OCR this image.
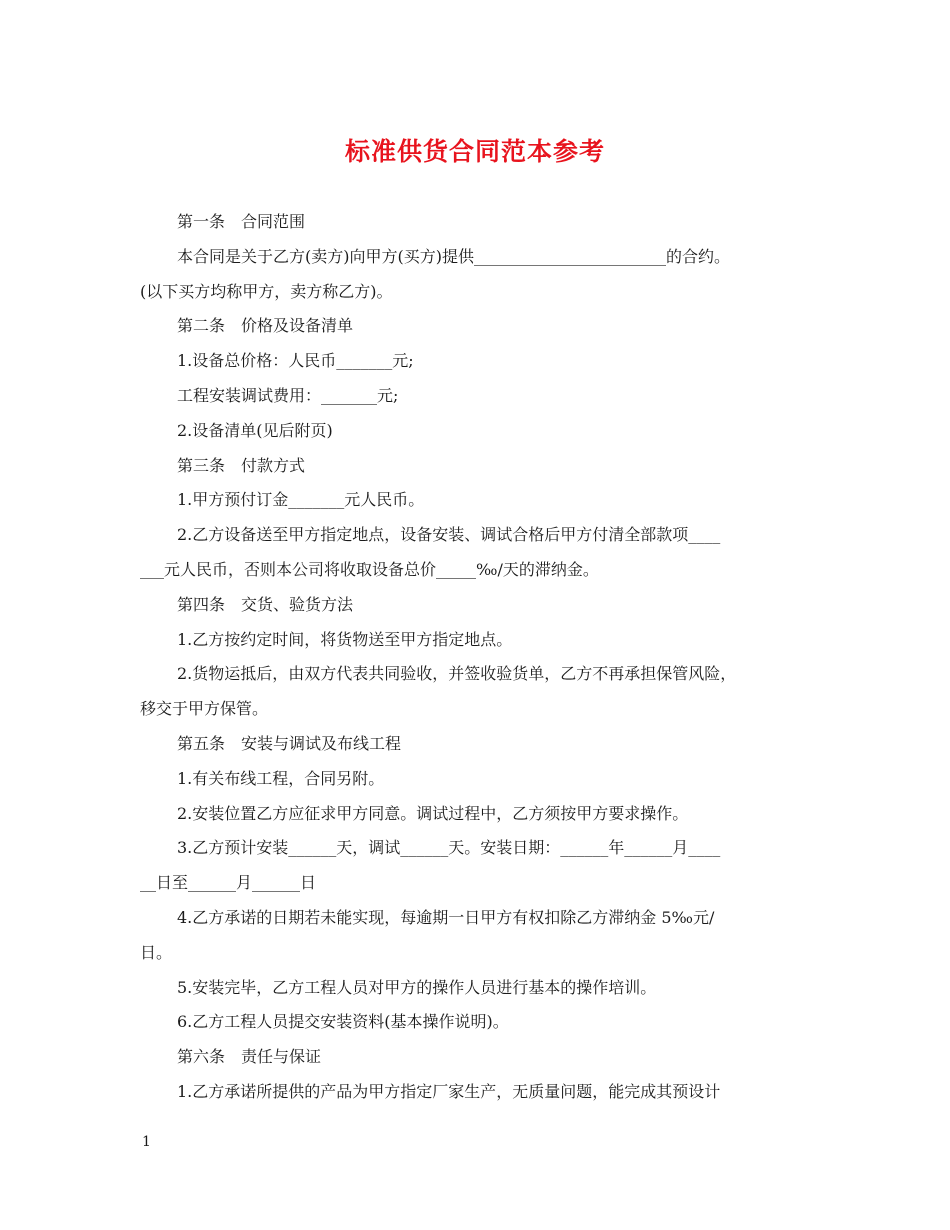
标准供货合同范本参考
第一条　合同范围
本合同是关于乙方(卖方)向甲方(买方)提供________________________的合约。
(以下买方均称甲方，卖方称乙方)。
第二条　价格及设备清单
1.设备总价格：人民币_______元;
工程安装调试费用：_______元;
2.设备清单(见后附页)
第三条　付款方式
1.甲方预付订金_______元人民币。
2.乙方设备送至甲方指定地点，设备安装、调试合格后甲方付清全部款项____
___元人民币，否则本公司将收取设备总价_____‰/天的滞纳金。
第四条　交货、验货方法
1.乙方按约定时间，将货物送至甲方指定地点。
2.货物运抵后，由双方代表共同验收，并签收验货单，乙方不再承担保管风险，
移交于甲方保管。
第五条　安装与调试及布线工程
1.有关布线工程，合同另附。
2.安装位置乙方应征求甲方同意。调试过程中，乙方须按甲方要求操作。
3.乙方预计安装______天，调试______天。安装日期：______年______月____
__日至______月______日
4.乙方承诺的日期若未能实现，每逾期一日甲方有权扣除乙方滞纳金 5‰元/
日。
5.安装完毕，乙方工程人员对甲方的操作人员进行基本的操作培训。
6.乙方工程人员提交安装资料(基本操作说明)。
第六条　责任与保证
1.乙方承诺所提供的产品为甲方指定厂家生产，无质量问题，能完成其预设计
1
